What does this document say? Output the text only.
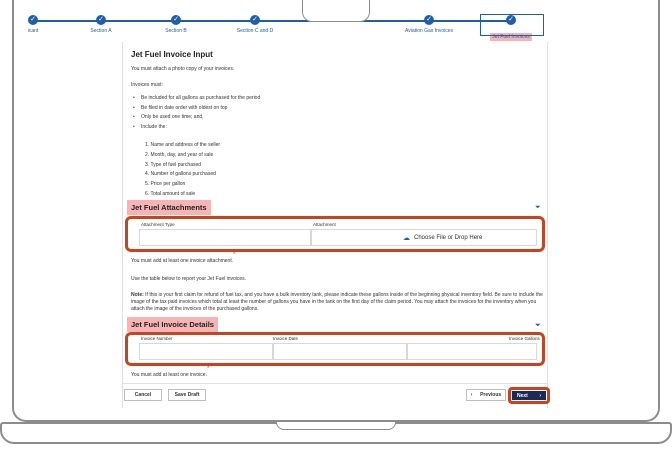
✓
icant
✓
Section A
✓
Section B
✓
Section C and D
✓
Aviation Gas Invoices
✓
Jet Fuel Invoices
Jet Fuel Invoice Input
You must attach a photo copy of your invoices.
Invoices must:
• Be included for all gallons as purchased for the period
• Be filed in date order with oldest on top
• Only be used one time; and,
• Include the:
1. Name and address of the seller
2. Month, day, and year of sale
3. Type of fuel purchased
4. Number of gallons purchased
5. Price per gallon
6. Total amount of sale
Jet Fuel Attachments	⏷
Attachment Type	Attachment
☁ Choose File or Drop Here
You must add at least one invoice attachment.
*
Use the table below to report your Jet Fuel invoices.
Note: If this is your first claim for refund of fuel tax, and you have a bulk inventory tank, please indicate these gallons inside of the beginning physical inventory field. Be sure to include the image of the tax paid invoices which total at least the number of gallons you have in the tank on the first day of the claim period. You may attach the invoices for the inventory when you attach the image of the invoices of the purchased gallons.
Jet Fuel Invoice Details	⏷
Invoice Number	Invoice Date	Invoice Gallons
You must add at least one invoice.
*
Cancel	Save Draft	‹ Previous	Next ›
